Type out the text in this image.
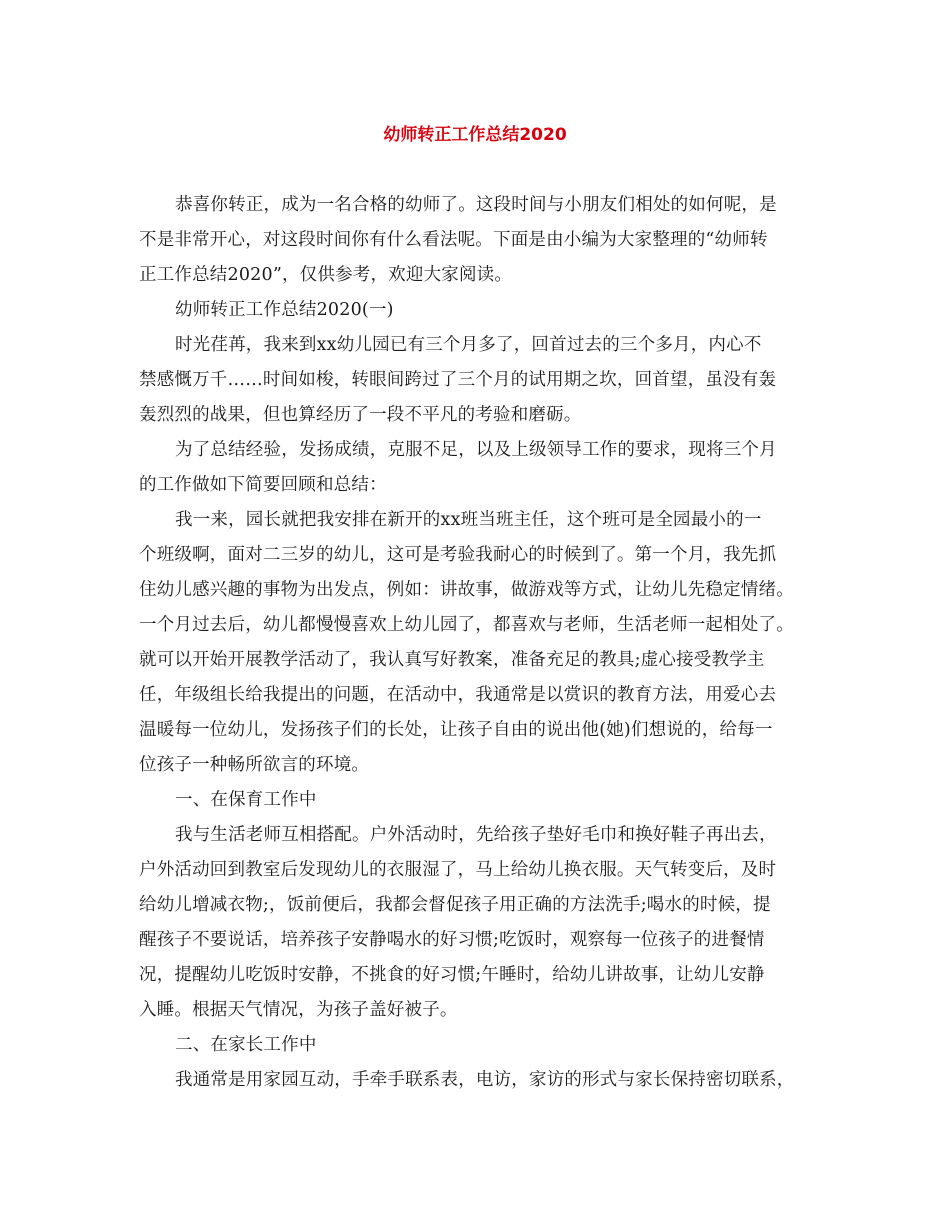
幼师转正工作总结2020
恭喜你转正，成为一名合格的幼师了。这段时间与小朋友们相处的如何呢，是
不是非常开心，对这段时间你有什么看法呢。下面是由小编为大家整理的“幼师转
正工作总结2020”，仅供参考，欢迎大家阅读。
幼师转正工作总结2020(一)
时光荏苒，我来到xx幼儿园已有三个月多了，回首过去的三个多月，内心不
禁感慨万千……时间如梭，转眼间跨过了三个月的试用期之坎，回首望，虽没有轰
轰烈烈的战果，但也算经历了一段不平凡的考验和磨砺。
为了总结经验，发扬成绩，克服不足，以及上级领导工作的要求，现将三个月
的工作做如下简要回顾和总结：
我一来，园长就把我安排在新开的xx班当班主任，这个班可是全园最小的一
个班级啊，面对二三岁的幼儿，这可是考验我耐心的时候到了。第一个月，我先抓
住幼儿感兴趣的事物为出发点，例如：讲故事，做游戏等方式，让幼儿先稳定情绪。
一个月过去后，幼儿都慢慢喜欢上幼儿园了，都喜欢与老师，生活老师一起相处了。
就可以开始开展教学活动了，我认真写好教案，准备充足的教具;虚心接受教学主
任，年级组长给我提出的问题，在活动中，我通常是以赏识的教育方法，用爱心去
温暖每一位幼儿，发扬孩子们的长处，让孩子自由的说出他(她)们想说的，给每一
位孩子一种畅所欲言的环境。
一、在保育工作中
我与生活老师互相搭配。户外活动时，先给孩子垫好毛巾和换好鞋子再出去，
户外活动回到教室后发现幼儿的衣服湿了，马上给幼儿换衣服。天气转变后，及时
给幼儿增减衣物;，饭前便后，我都会督促孩子用正确的方法洗手;喝水的时候，提
醒孩子不要说话，培养孩子安静喝水的好习惯;吃饭时，观察每一位孩子的进餐情
况，提醒幼儿吃饭时安静，不挑食的好习惯;午睡时，给幼儿讲故事，让幼儿安静
入睡。根据天气情况，为孩子盖好被子。
二、在家长工作中
我通常是用家园互动，手牵手联系表，电访，家访的形式与家长保持密切联系，
